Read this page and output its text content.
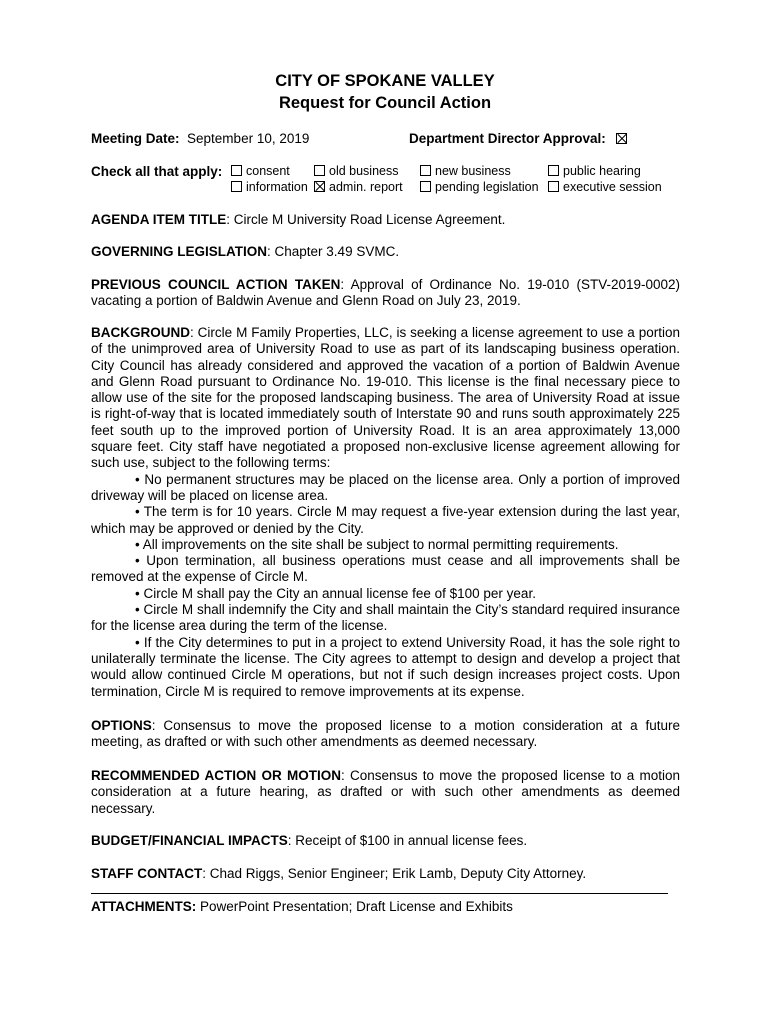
CITY OF SPOKANE VALLEY
Request for Council Action
Meeting Date: September 10, 2019	Department Director Approval:
Check all that apply:	consent	old business	new business	public hearing
information	admin. report	pending legislation	executive session

AGENDA ITEM TITLE: Circle M University Road License Agreement.

GOVERNING LEGISLATION: Chapter 3.49 SVMC.

PREVIOUS COUNCIL ACTION TAKEN: Approval of Ordinance No. 19-010 (STV-2019-0002) vacating a portion of Baldwin Avenue and Glenn Road on July 23, 2019.

BACKGROUND: Circle M Family Properties, LLC, is seeking a license agreement to use a portion of the unimproved area of University Road to use as part of its landscaping business operation. City Council has already considered and approved the vacation of a portion of Baldwin Avenue and Glenn Road pursuant to Ordinance No. 19-010. This license is the final necessary piece to allow use of the site for the proposed landscaping business. The area of University Road at issue is right-of-way that is located immediately south of Interstate 90 and runs south approximately 225 feet south up to the improved portion of University Road. It is an area approximately 13,000 square feet. City staff have negotiated a proposed non-exclusive license agreement allowing for such use, subject to the following terms:

• No permanent structures may be placed on the license area. Only a portion of improved driveway will be placed on license area.

• The term is for 10 years. Circle M may request a five-year extension during the last year, which may be approved or denied by the City.

• All improvements on the site shall be subject to normal permitting requirements.

• Upon termination, all business operations must cease and all improvements shall be removed at the expense of Circle M.

• Circle M shall pay the City an annual license fee of $100 per year.

• Circle M shall indemnify the City and shall maintain the City’s standard required insurance for the license area during the term of the license.

• If the City determines to put in a project to extend University Road, it has the sole right to unilaterally terminate the license. The City agrees to attempt to design and develop a project that would allow continued Circle M operations, but not if such design increases project costs. Upon termination, Circle M is required to remove improvements at its expense.

OPTIONS: Consensus to move the proposed license to a motion consideration at a future meeting, as drafted or with such other amendments as deemed necessary.

RECOMMENDED ACTION OR MOTION: Consensus to move the proposed license to a motion consideration at a future hearing, as drafted or with such other amendments as deemed necessary.

BUDGET/FINANCIAL IMPACTS: Receipt of $100 in annual license fees.

STAFF CONTACT: Chad Riggs, Senior Engineer; Erik Lamb, Deputy City Attorney.

ATTACHMENTS: PowerPoint Presentation; Draft License and Exhibits
